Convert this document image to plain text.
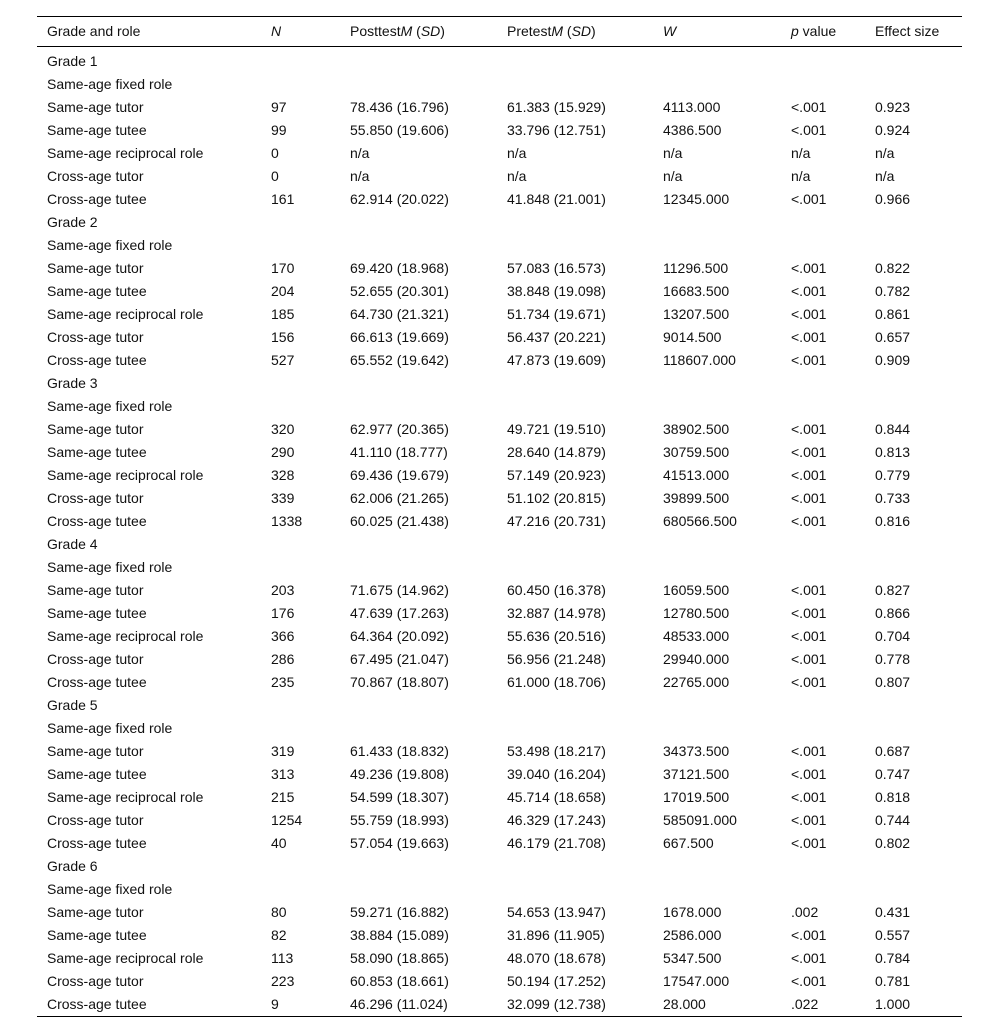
Grade and role	N	PosttestM (SD)	PretestM (SD)	W	p value	Effect size
Grade 1						
Same-age fixed role						
Same-age tutor	97	78.436 (16.796)	61.383 (15.929)	4113.000	<.001	0.923
Same-age tutee	99	55.850 (19.606)	33.796 (12.751)	4386.500	<.001	0.924
Same-age reciprocal role	0	n/a	n/a	n/a	n/a	n/a
Cross-age tutor	0	n/a	n/a	n/a	n/a	n/a
Cross-age tutee	161	62.914 (20.022)	41.848 (21.001)	12345.000	<.001	0.966
Grade 2						
Same-age fixed role						
Same-age tutor	170	69.420 (18.968)	57.083 (16.573)	11296.500	<.001	0.822
Same-age tutee	204	52.655 (20.301)	38.848 (19.098)	16683.500	<.001	0.782
Same-age reciprocal role	185	64.730 (21.321)	51.734 (19.671)	13207.500	<.001	0.861
Cross-age tutor	156	66.613 (19.669)	56.437 (20.221)	9014.500	<.001	0.657
Cross-age tutee	527	65.552 (19.642)	47.873 (19.609)	118607.000	<.001	0.909
Grade 3						
Same-age fixed role						
Same-age tutor	320	62.977 (20.365)	49.721 (19.510)	38902.500	<.001	0.844
Same-age tutee	290	41.110 (18.777)	28.640 (14.879)	30759.500	<.001	0.813
Same-age reciprocal role	328	69.436 (19.679)	57.149 (20.923)	41513.000	<.001	0.779
Cross-age tutor	339	62.006 (21.265)	51.102 (20.815)	39899.500	<.001	0.733
Cross-age tutee	1338	60.025 (21.438)	47.216 (20.731)	680566.500	<.001	0.816
Grade 4						
Same-age fixed role						
Same-age tutor	203	71.675 (14.962)	60.450 (16.378)	16059.500	<.001	0.827
Same-age tutee	176	47.639 (17.263)	32.887 (14.978)	12780.500	<.001	0.866
Same-age reciprocal role	366	64.364 (20.092)	55.636 (20.516)	48533.000	<.001	0.704
Cross-age tutor	286	67.495 (21.047)	56.956 (21.248)	29940.000	<.001	0.778
Cross-age tutee	235	70.867 (18.807)	61.000 (18.706)	22765.000	<.001	0.807
Grade 5						
Same-age fixed role						
Same-age tutor	319	61.433 (18.832)	53.498 (18.217)	34373.500	<.001	0.687
Same-age tutee	313	49.236 (19.808)	39.040 (16.204)	37121.500	<.001	0.747
Same-age reciprocal role	215	54.599 (18.307)	45.714 (18.658)	17019.500	<.001	0.818
Cross-age tutor	1254	55.759 (18.993)	46.329 (17.243)	585091.000	<.001	0.744
Cross-age tutee	40	57.054 (19.663)	46.179 (21.708)	667.500	<.001	0.802
Grade 6						
Same-age fixed role						
Same-age tutor	80	59.271 (16.882)	54.653 (13.947)	1678.000	.002	0.431
Same-age tutee	82	38.884 (15.089)	31.896 (11.905)	2586.000	<.001	0.557
Same-age reciprocal role	113	58.090 (18.865)	48.070 (18.678)	5347.500	<.001	0.784
Cross-age tutor	223	60.853 (18.661)	50.194 (17.252)	17547.000	<.001	0.781
Cross-age tutee	9	46.296 (11.024)	32.099 (12.738)	28.000	.022	1.000
